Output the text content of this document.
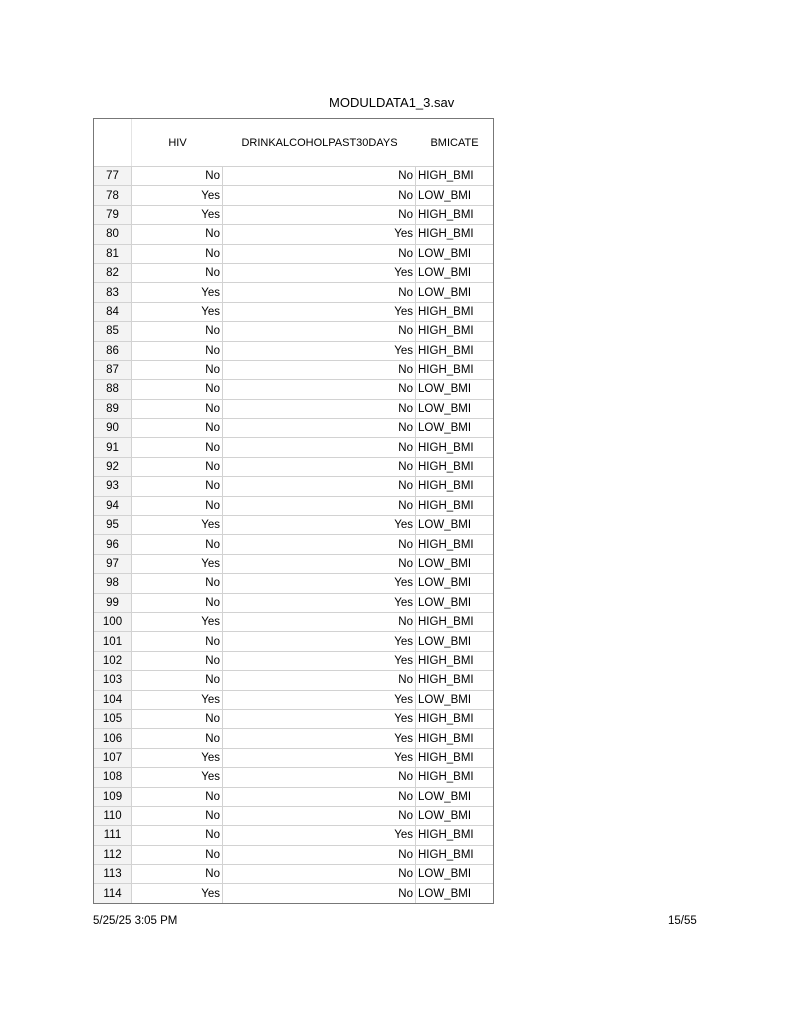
MODULDATA1_3.sav
HIV	DRINKALCOHOLPAST30DAYS	BMICATE
77	No	No HIGH_BMI
78	Yes	No LOW_BMI
79	Yes	No HIGH_BMI
80	No	Yes HIGH_BMI
81	No	No LOW_BMI
82	No	Yes LOW_BMI
83	Yes	No LOW_BMI
84	Yes	Yes HIGH_BMI
85	No	No HIGH_BMI
86	No	Yes HIGH_BMI
87	No	No HIGH_BMI
88	No	No LOW_BMI
89	No	No LOW_BMI
90	No	No LOW_BMI
91	No	No HIGH_BMI
92	No	No HIGH_BMI
93	No	No HIGH_BMI
94	No	No HIGH_BMI
95	Yes	Yes LOW_BMI
96	No	No HIGH_BMI
97	Yes	No LOW_BMI
98	No	Yes LOW_BMI
99	No	Yes LOW_BMI
100	Yes	No HIGH_BMI
101	No	Yes LOW_BMI
102	No	Yes HIGH_BMI
103	No	No HIGH_BMI
104	Yes	Yes LOW_BMI
105	No	Yes HIGH_BMI
106	No	Yes HIGH_BMI
107	Yes	Yes HIGH_BMI
108	Yes	No HIGH_BMI
109	No	No LOW_BMI
110	No	No LOW_BMI
111	No	Yes HIGH_BMI
112	No	No HIGH_BMI
113	No	No LOW_BMI
114	Yes	No LOW_BMI
5/25/25 3:05 PM	15/55
